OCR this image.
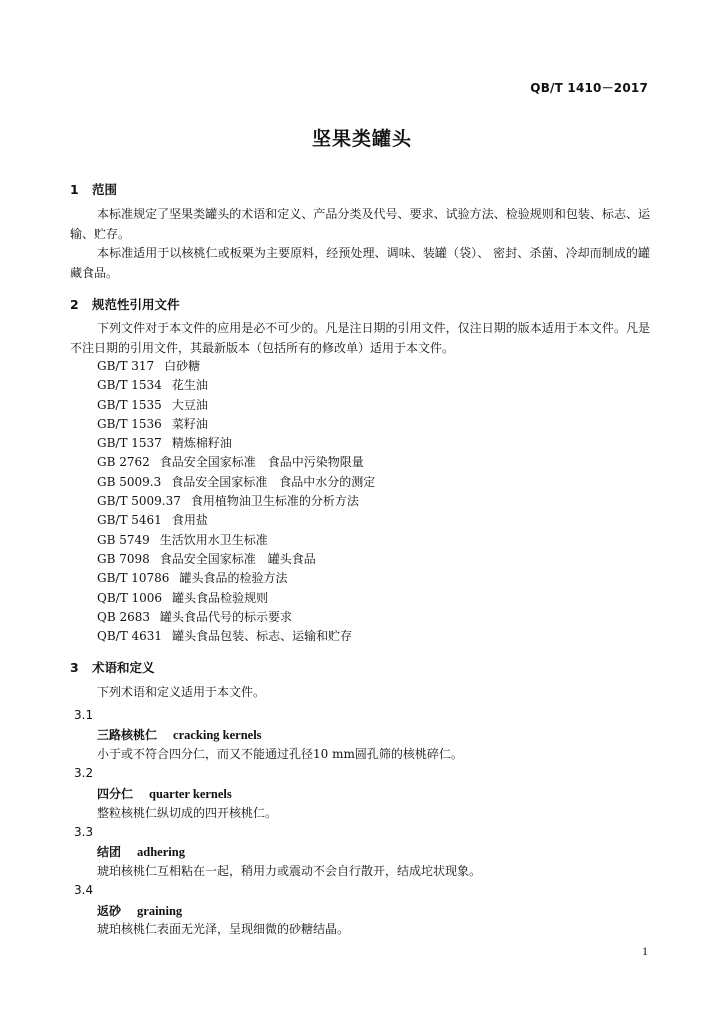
QB/T 1410－2017
坚果类罐头
1 范围
本标准规定了坚果类罐头的术语和定义、产品分类及代号、要求、试验方法、检验规则和包装、标志、运输、贮存。
本标准适用于以核桃仁或板栗为主要原料，经预处理、调味、装罐（袋）、 密封、杀菌、冷却而制成的罐藏食品。
2 规范性引用文件
下列文件对于本文件的应用是必不可少的。凡是注日期的引用文件，仅注日期的版本适用于本文件。凡是不注日期的引用文件，其最新版本（包括所有的修改单）适用于本文件。
GB/T 317 白砂糖
GB/T 1534 花生油
GB/T 1535 大豆油
GB/T 1536 菜籽油
GB/T 1537 精炼棉籽油
GB 2762 食品安全国家标准　食品中污染物限量
GB 5009.3 食品安全国家标准　食品中水分的测定
GB/T 5009.37 食用植物油卫生标准的分析方法
GB/T 5461 食用盐
GB 5749 生活饮用水卫生标准
GB 7098 食品安全国家标准　罐头食品
GB/T 10786 罐头食品的检验方法
QB/T 1006 罐头食品检验规则
QB 2683 罐头食品代号的标示要求
QB/T 4631 罐头食品包装、标志、运输和贮存
3 术语和定义
下列术语和定义适用于本文件。
3.1
三路核桃仁 cracking kernels
小于或不符合四分仁，而又不能通过孔径10 mm圆孔筛的核桃碎仁。
3.2
四分仁 quarter kernels
整粒核桃仁纵切成的四开核桃仁。
3.3
结团 adhering
琥珀核桃仁互相粘在一起，稍用力或震动不会自行散开，结成坨状现象。
3.4
返砂 graining
琥珀核桃仁表面无光泽，呈现细微的砂糖结晶。
1
